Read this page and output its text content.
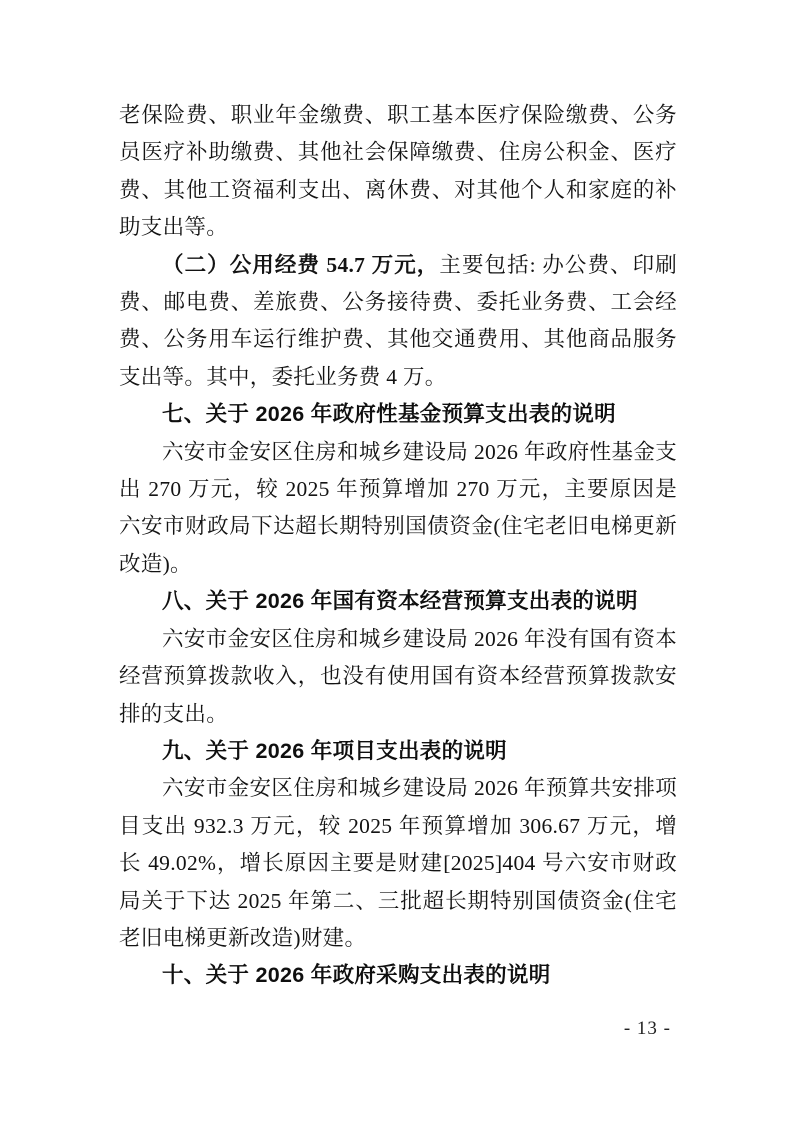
老保险费、职业年金缴费、职工基本医疗保险缴费、公务员医疗补助缴费、其他社会保障缴费、住房公积金、医疗费、其他工资福利支出、离休费、对其他个人和家庭的补助支出等。

（二）公用经费 54.7 万元，主要包括: 办公费、印刷费、邮电费、差旅费、公务接待费、委托业务费、工会经费、公务用车运行维护费、其他交通费用、其他商品服务支出等。其中，委托业务费 4 万。

七、关于 2026 年政府性基金预算支出表的说明

六安市金安区住房和城乡建设局 2026 年政府性基金支出 270 万元，较 2025 年预算增加 270 万元，主要原因是六安市财政局下达超长期特别国债资金(住宅老旧电梯更新改造)。

八、关于 2026 年国有资本经营预算支出表的说明

六安市金安区住房和城乡建设局 2026 年没有国有资本经营预算拨款收入，也没有使用国有资本经营预算拨款安排的支出。

九、关于 2026 年项目支出表的说明

六安市金安区住房和城乡建设局 2026 年预算共安排项目支出 932.3 万元，较 2025 年预算增加 306.67 万元，增长 49.02%，增长原因主要是财建[2025]404 号六安市财政局关于下达 2025 年第二、三批超长期特别国债资金(住宅老旧电梯更新改造)财建。

十、关于 2026 年政府采购支出表的说明
- 13 -
